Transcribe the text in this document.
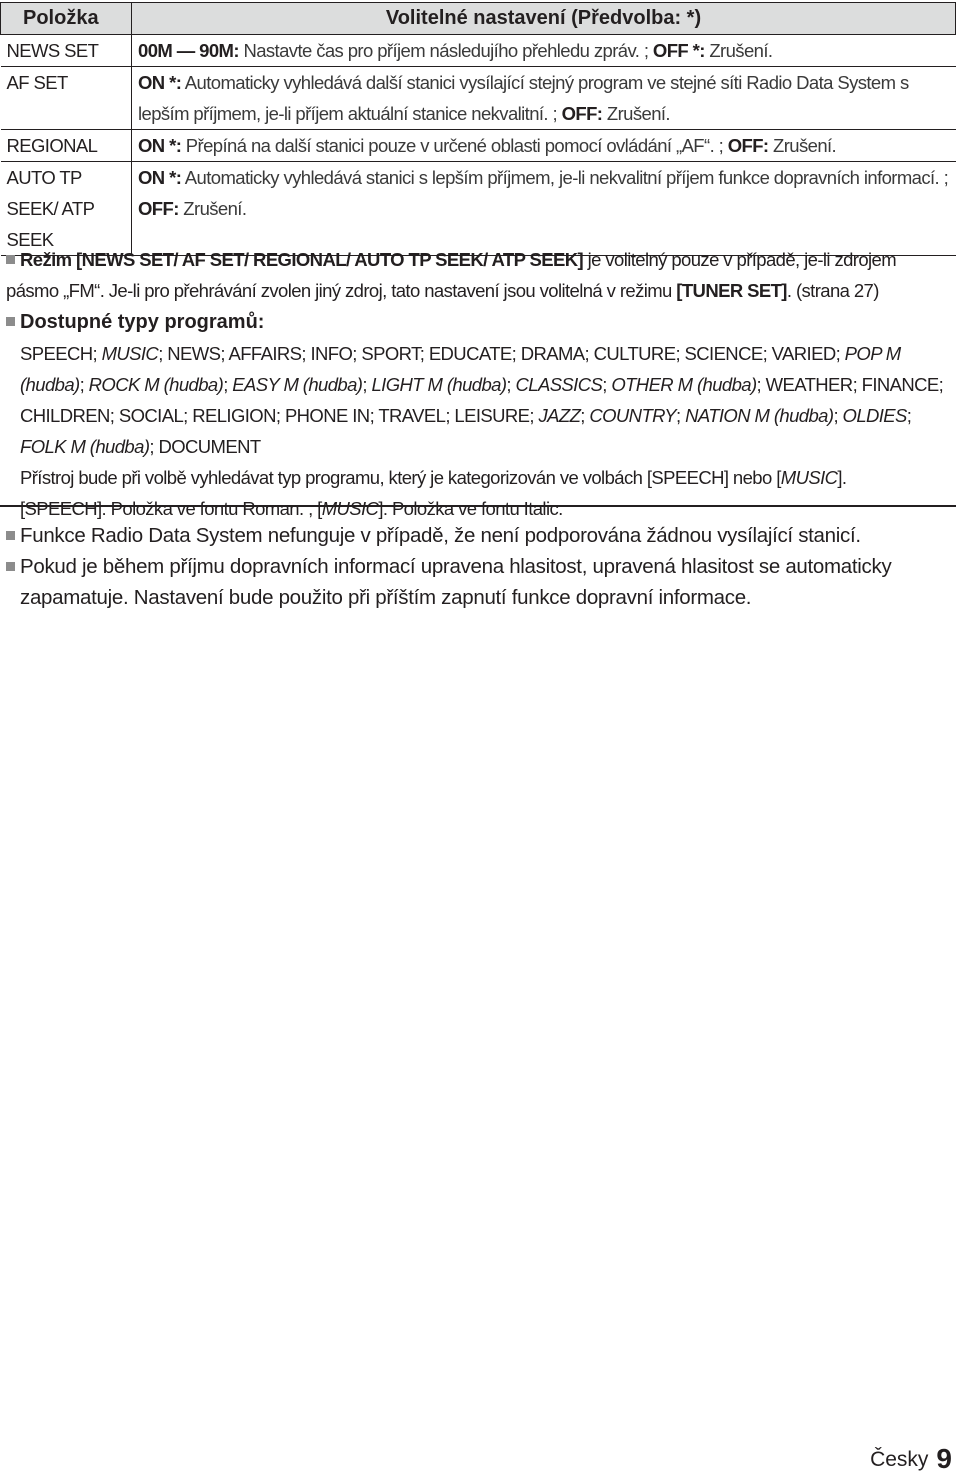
Položka	Volitelné nastavení (Předvolba: *)
NEWS SET	00M — 90M: Nastavte čas pro příjem následujího přehledu zpráv. ; OFF *: Zrušení.
AF SET	ON *: Automaticky vyhledává další stanici vysílající stejný program ve stejné síti Radio Data System s lepším příjmem, je-li příjem aktuální stanice nekvalitní. ; OFF: Zrušení.
REGIONAL	ON *: Přepíná na další stanici pouze v určené oblasti pomocí ovládání „AF“. ; OFF: Zrušení.
AUTO TP SEEK/ ATP SEEK	ON *: Automaticky vyhledává stanici s lepším příjmem, je-li nekvalitní příjem funkce dopravních informací. ; OFF: Zrušení.
Režim [NEWS SET/ AF SET/ REGIONAL/ AUTO TP SEEK/ ATP SEEK] je volitelný pouze v případě, je-li zdrojem pásmo „FM“. Je-li pro přehrávání zvolen jiný zdroj, tato nastavení jsou volitelná v režimu [TUNER SET]. (strana 27)
Dostupné typy programů:
SPEECH; MUSIC; NEWS; AFFAIRS; INFO; SPORT; EDUCATE; DRAMA; CULTURE; SCIENCE; VARIED; POP M (hudba); ROCK M (hudba); EASY M (hudba); LIGHT M (hudba); CLASSICS; OTHER M (hudba); WEATHER; FINANCE; CHILDREN; SOCIAL; RELIGION; PHONE IN; TRAVEL; LEISURE; JAZZ; COUNTRY; NATION M (hudba); OLDIES; FOLK M (hudba); DOCUMENT
Přístroj bude při volbě vyhledávat typ programu, který je kategorizován ve volbách [SPEECH] nebo [MUSIC].
[SPEECH]: Položka ve fontu Roman. ; [MUSIC]: Položka ve fontu Italic.
Funkce Radio Data System nefunguje v případě, že není podporována žádnou vysílající stanicí.
Pokud je během příjmu dopravních informací upravena hlasitost, upravená hlasitost se automaticky zapamatuje. Nastavení bude použito při příštím zapnutí funkce dopravní informace.
Česky 9
